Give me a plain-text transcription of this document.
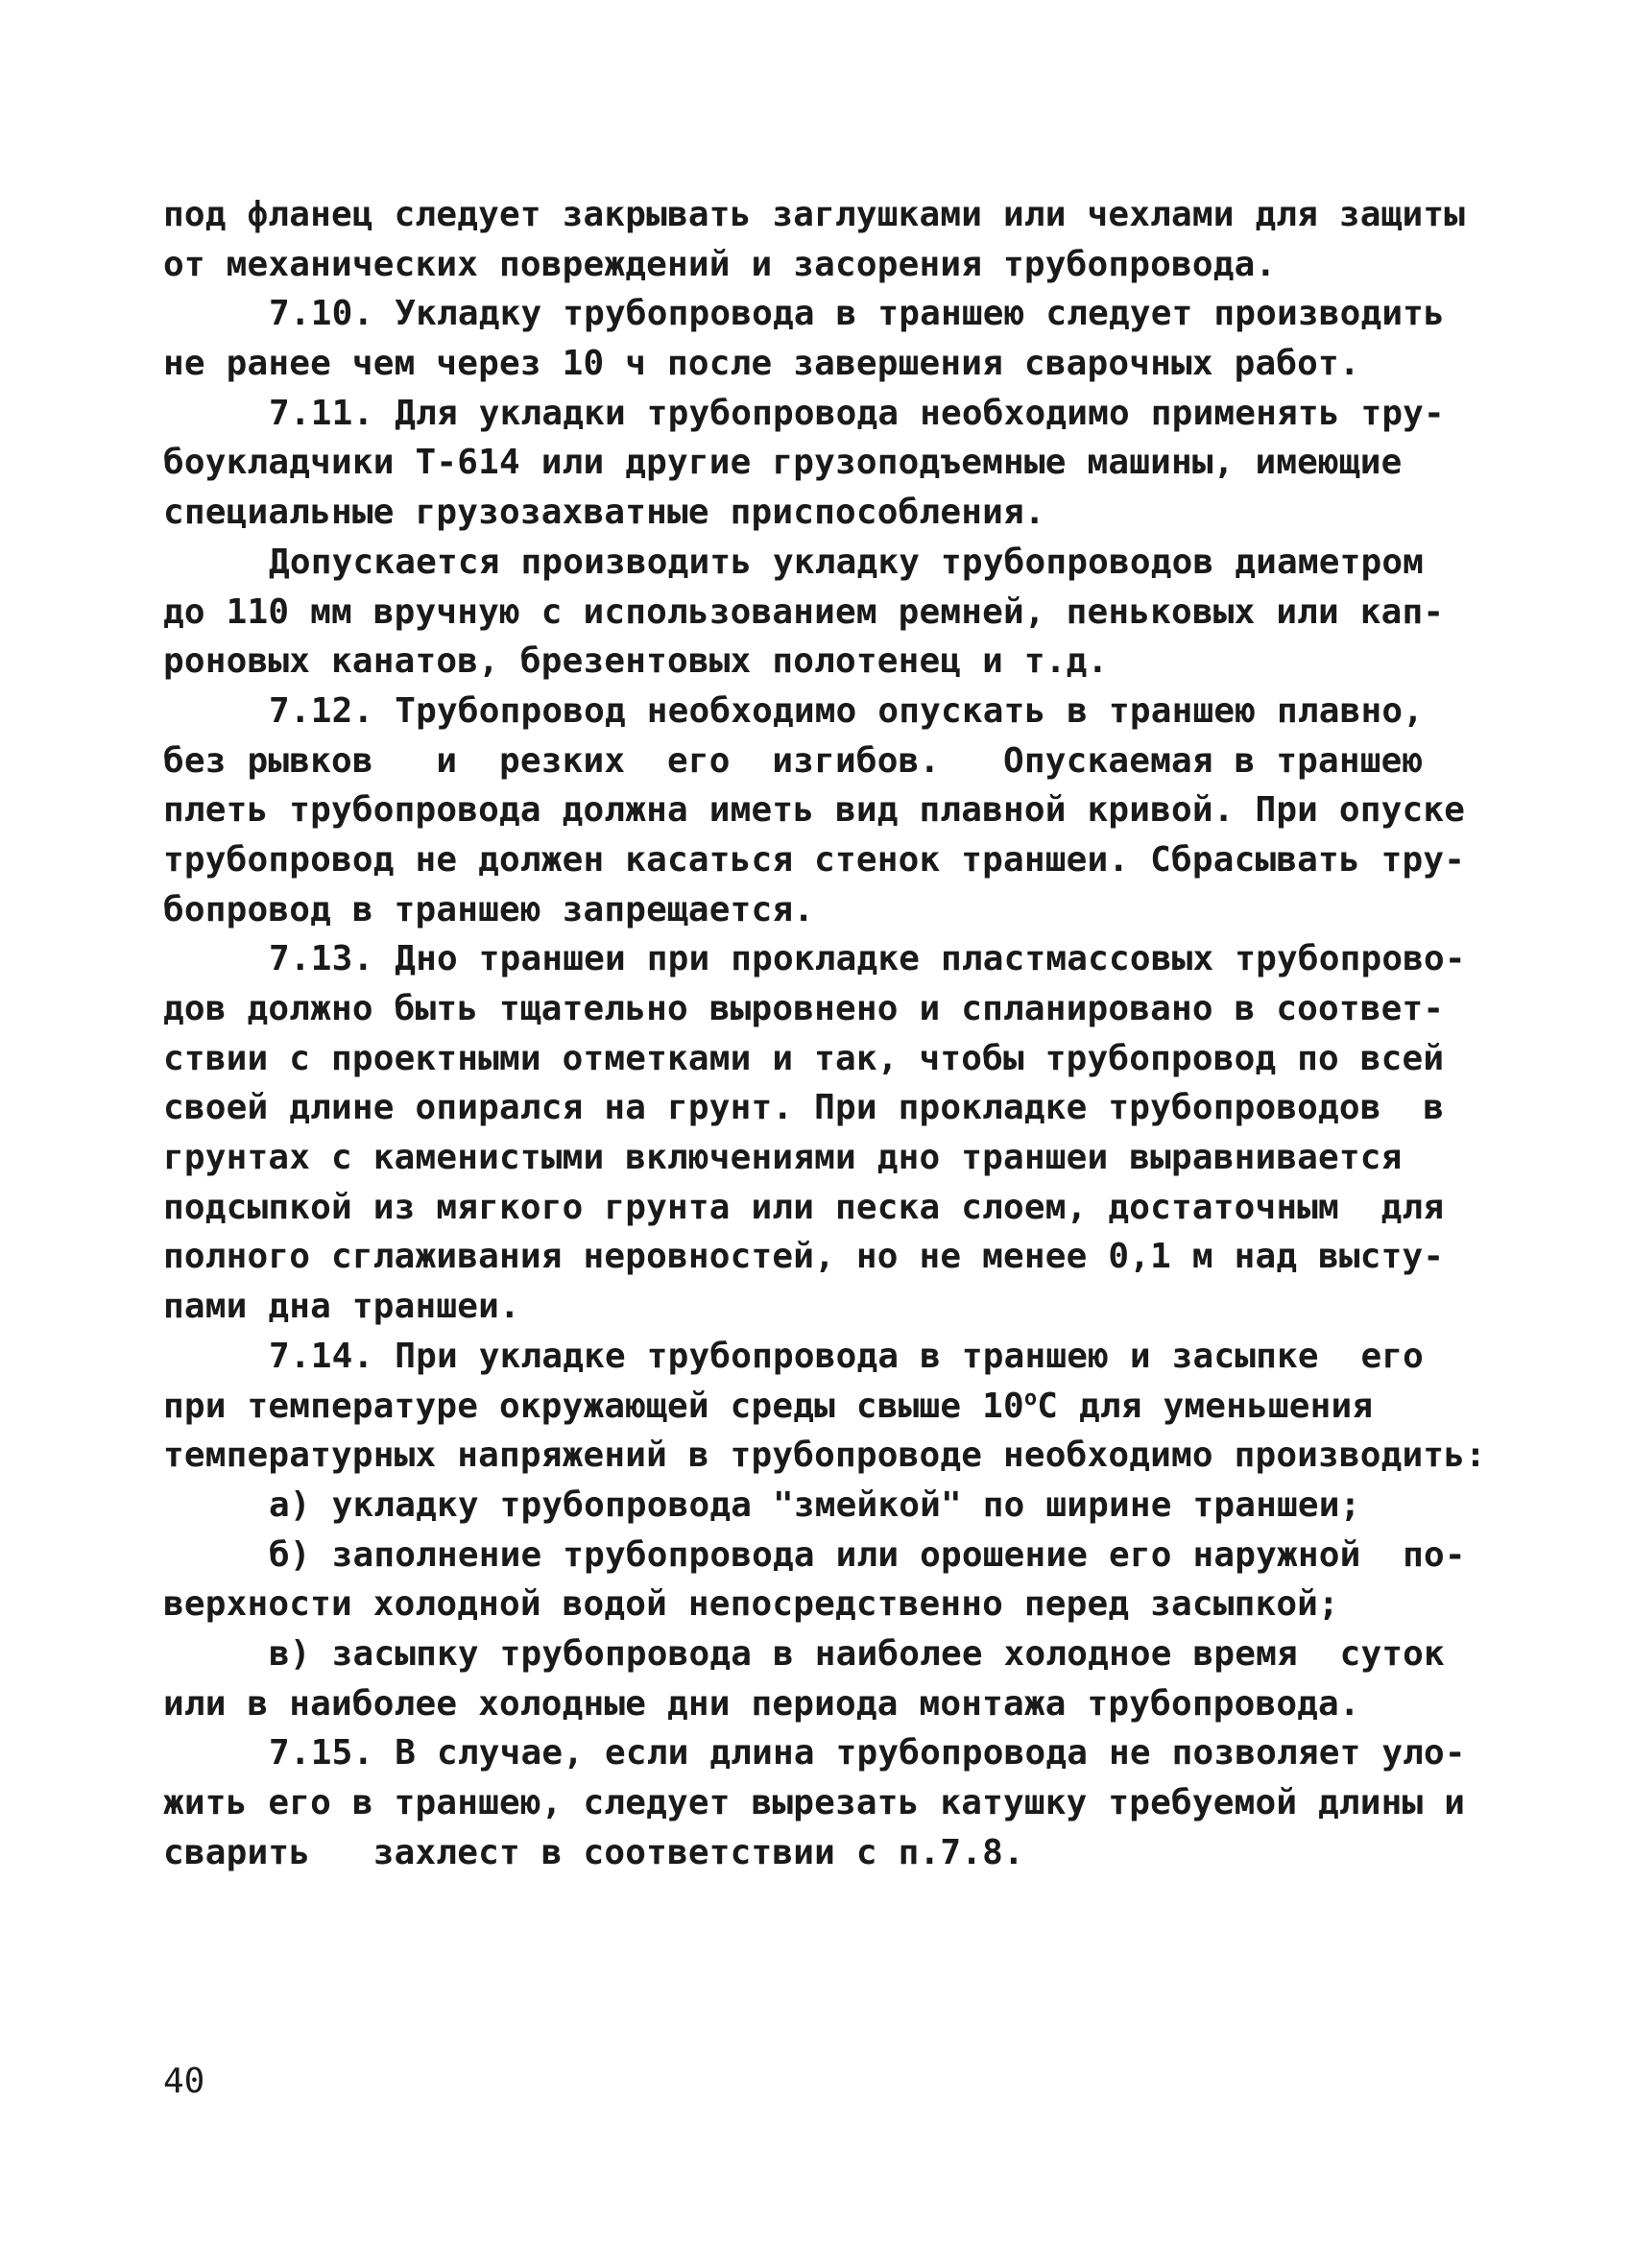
под фланец следует закрывать заглушками или чехлами для защиты
от механических повреждений и засорения трубопровода.
7.10. Укладку трубопровода в траншею следует производить
не ранее чем через 10 ч после завершения сварочных работ.
7.11. Для укладки трубопровода необходимо применять тру-
боукладчики Т-614 или другие грузоподъемные машины, имеющие
специальные грузозахватные приспособления.
Допускается производить укладку трубопроводов диаметром
до 110 мм вручную с использованием ремней, пеньковых или кап-
роновых канатов, брезентовых полотенец и т.д.
7.12. Трубопровод необходимо опускать в траншею плавно,
без рывков   и  резких  его  изгибов.   Опускаемая в траншею
плеть трубопровода должна иметь вид плавной кривой. При опуске
трубопровод не должен касаться стенок траншеи. Сбрасывать тру-
бопровод в траншею запрещается.
7.13. Дно траншеи при прокладке пластмассовых трубопрово-
дов должно быть тщательно выровнено и спланировано в соответ-
ствии с проектными отметками и так, чтобы трубопровод по всей
своей длине опирался на грунт. При прокладке трубопроводов  в
грунтах с каменистыми включениями дно траншеи выравнивается
подсыпкой из мягкого грунта или песка слоем, достаточным  для
полного сглаживания неровностей, но не менее 0,1 м над высту-
пами дна траншеи.
7.14. При укладке трубопровода в траншею и засыпке  его
при температуре окружающей среды свыше 10$^o$С для уменьшения
температурных напряжений в трубопроводе необходимо производить:
а) укладку трубопровода "змейкой" по ширине траншеи;
б) заполнение трубопровода или орошение его наружной  по-
верхности холодной водой непосредственно перед засыпкой;
в) засыпку трубопровода в наиболее холодное время  суток
или в наиболее холодные дни периода монтажа трубопровода.
7.15. В случае, если длина трубопровода не позволяет уло-
жить его в траншею, следует вырезать катушку требуемой длины и
сварить   захлест в соответствии с п.7.8.
40
